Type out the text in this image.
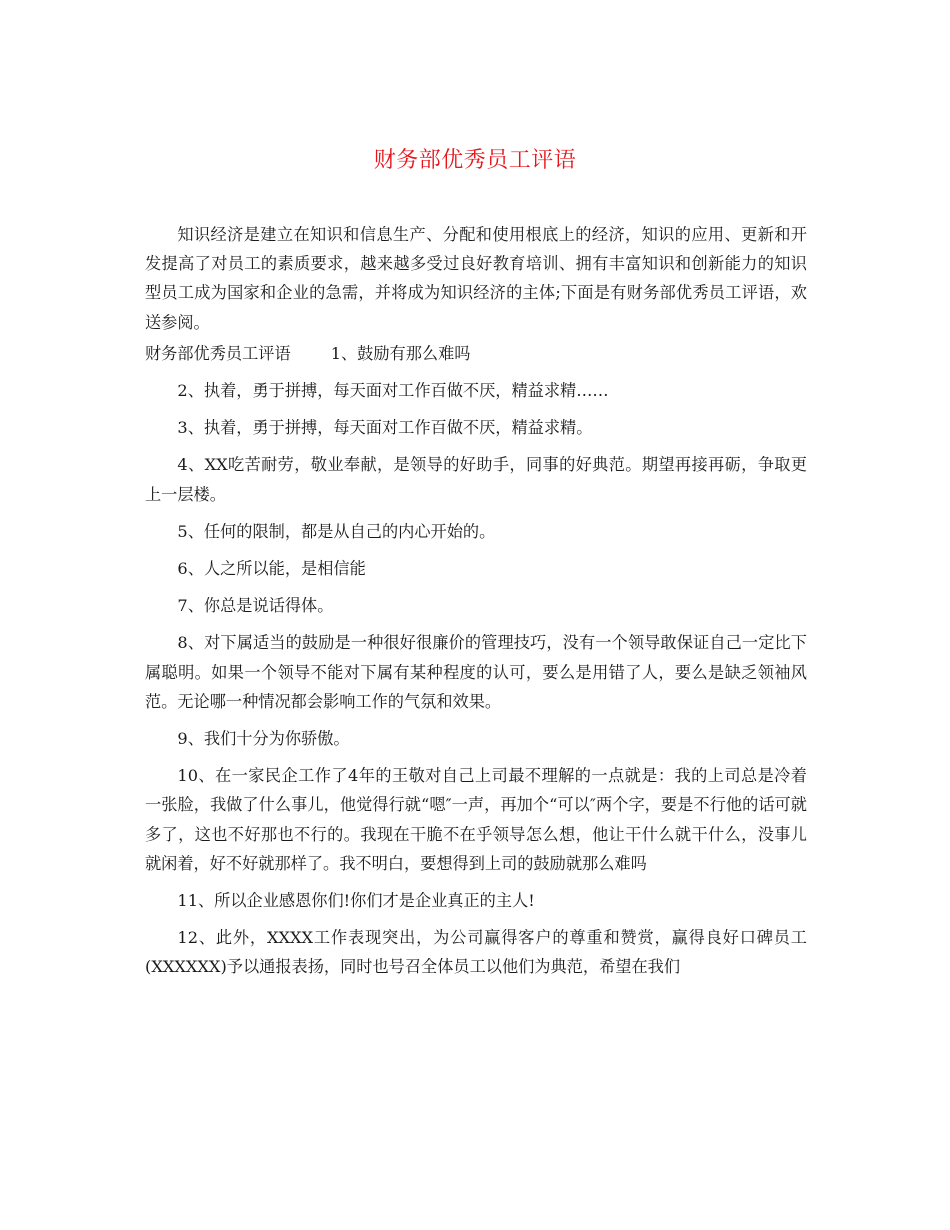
财务部优秀员工评语

知识经济是建立在知识和信息生产、分配和使用根底上的经济，知识的应用、更新和开发提高了对员工的素质要求，越来越多受过良好教育培训、拥有丰富知识和创新能力的知识型员工成为国家和企业的急需，并将成为知识经济的主体;下面是有财务部优秀员工评语，欢送参阅。

财务部优秀员工评语 1、鼓励有那么难吗

2、执着，勇于拼搏，每天面对工作百做不厌，精益求精……

3、执着，勇于拼搏，每天面对工作百做不厌，精益求精。

4、XX吃苦耐劳，敬业奉献，是领导的好助手，同事的好典范。期望再接再砺，争取更上一层楼。

5、任何的限制，都是从自己的内心开始的。

6、人之所以能，是相信能

7、你总是说话得体。

8、对下属适当的鼓励是一种很好很廉价的管理技巧，没有一个领导敢保证自己一定比下属聪明。如果一个领导不能对下属有某种程度的认可，要么是用错了人，要么是缺乏领袖风范。无论哪一种情况都会影响工作的气氛和效果。

9、我们十分为你骄傲。

10、在一家民企工作了4年的王敬对自己上司最不理解的一点就是：我的上司总是冷着一张脸，我做了什么事儿，他觉得行就“嗯″一声，再加个“可以″两个字，要是不行他的话可就多了，这也不好那也不行的。我现在干脆不在乎领导怎么想，他让干什么就干什么，没事儿就闲着，好不好就那样了。我不明白，要想得到上司的鼓励就那么难吗

11、所以企业感恩你们!你们才是企业真正的主人!

12、此外，XXXX工作表现突出，为公司赢得客户的尊重和赞赏，赢得良好口碑员工(XXXXXX)予以通报表扬，同时也号召全体员工以他们为典范，希望在我们
